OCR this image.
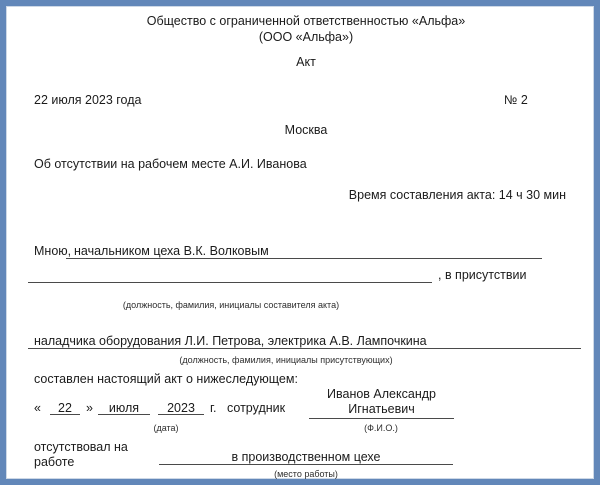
Общество с ограниченной ответственностью «Альфа»
(ООО «Альфа»)
Акт
22 июля 2023 года	№ 2
Москва
Об отсутствии на рабочем месте А.И. Иванова
Время составления акта: 14 ч 30 мин
Мною, начальником цеха В.К. Волковым
, в присутствии
(должность, фамилия, инициалы составителя акта)
наладчика оборудования Л.И. Петрова, электрика А.В. Лампочкина
(должность, фамилия, инициалы присутствующих)
составлен настоящий акт о нижеследующем:
«	22	»	июля	2023	г. сотрудник
Иванов Александр
Игнатьевич
(дата)	(Ф.И.О.)
отсутствовал на
работе	в производственном цехе
(место работы)
